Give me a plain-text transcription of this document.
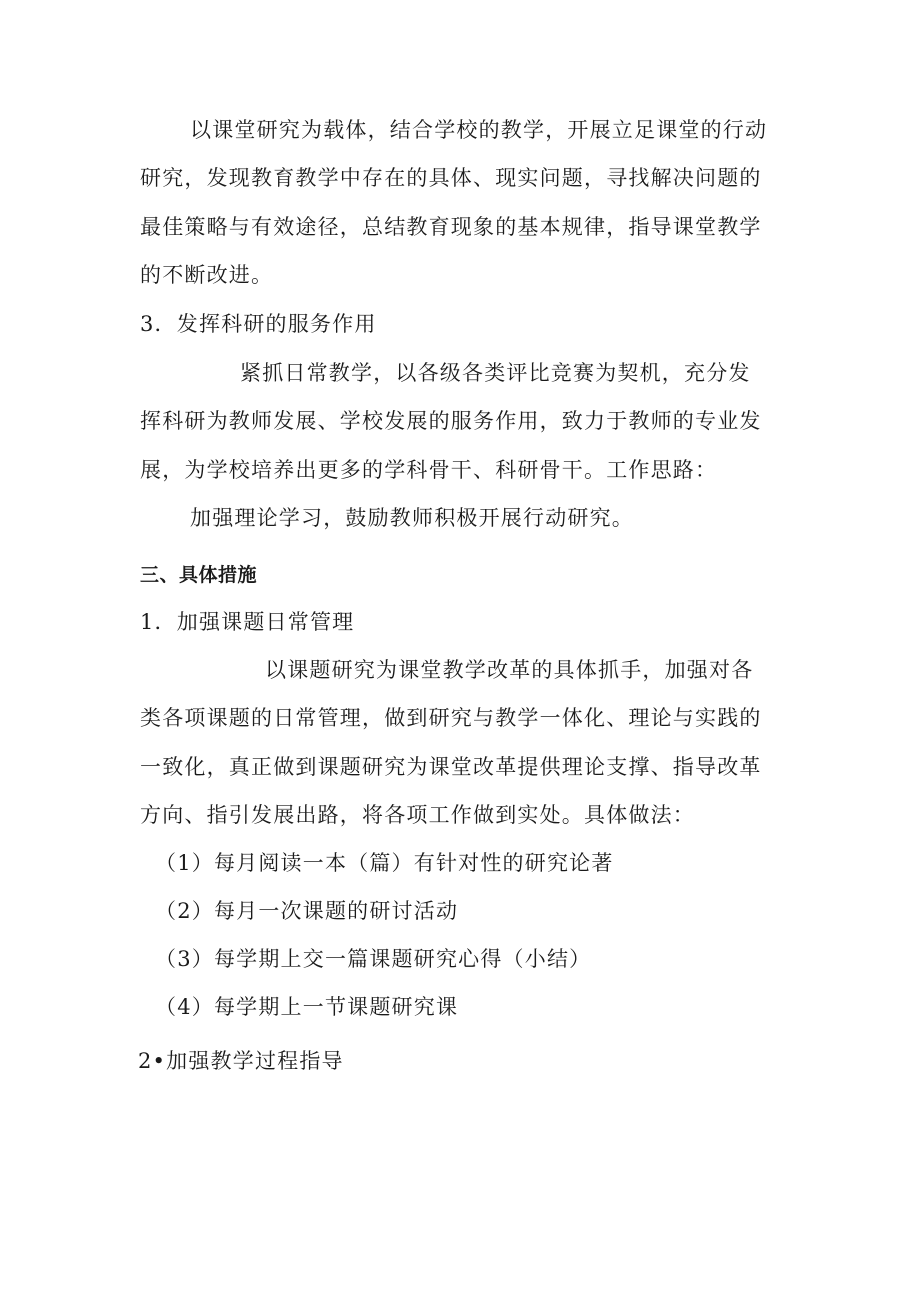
以课堂研究为载体，结合学校的教学，开展立足课堂的行动
研究，发现教育教学中存在的具体、现实问题，寻找解决问题的
最佳策略与有效途径，总结教育现象的基本规律，指导课堂教学
的不断改进。
3．发挥科研的服务作用
紧抓日常教学，以各级各类评比竞赛为契机，充分发
挥科研为教师发展、学校发展的服务作用，致力于教师的专业发
展，为学校培养出更多的学科骨干、科研骨干。工作思路：
加强理论学习，鼓励教师积极开展行动研究。
三、具体措施
1．加强课题日常管理
以课题研究为课堂教学改革的具体抓手，加强对各
类各项课题的日常管理，做到研究与教学一体化、理论与实践的
一致化，真正做到课题研究为课堂改革提供理论支撑、指导改革
方向、指引发展出路，将各项工作做到实处。具体做法：
（1）每月阅读一本（篇）有针对性的研究论著
（2）每月一次课题的研讨活动
（3）每学期上交一篇课题研究心得（小结）
（4）每学期上一节课题研究课
2•加强教学过程指导
